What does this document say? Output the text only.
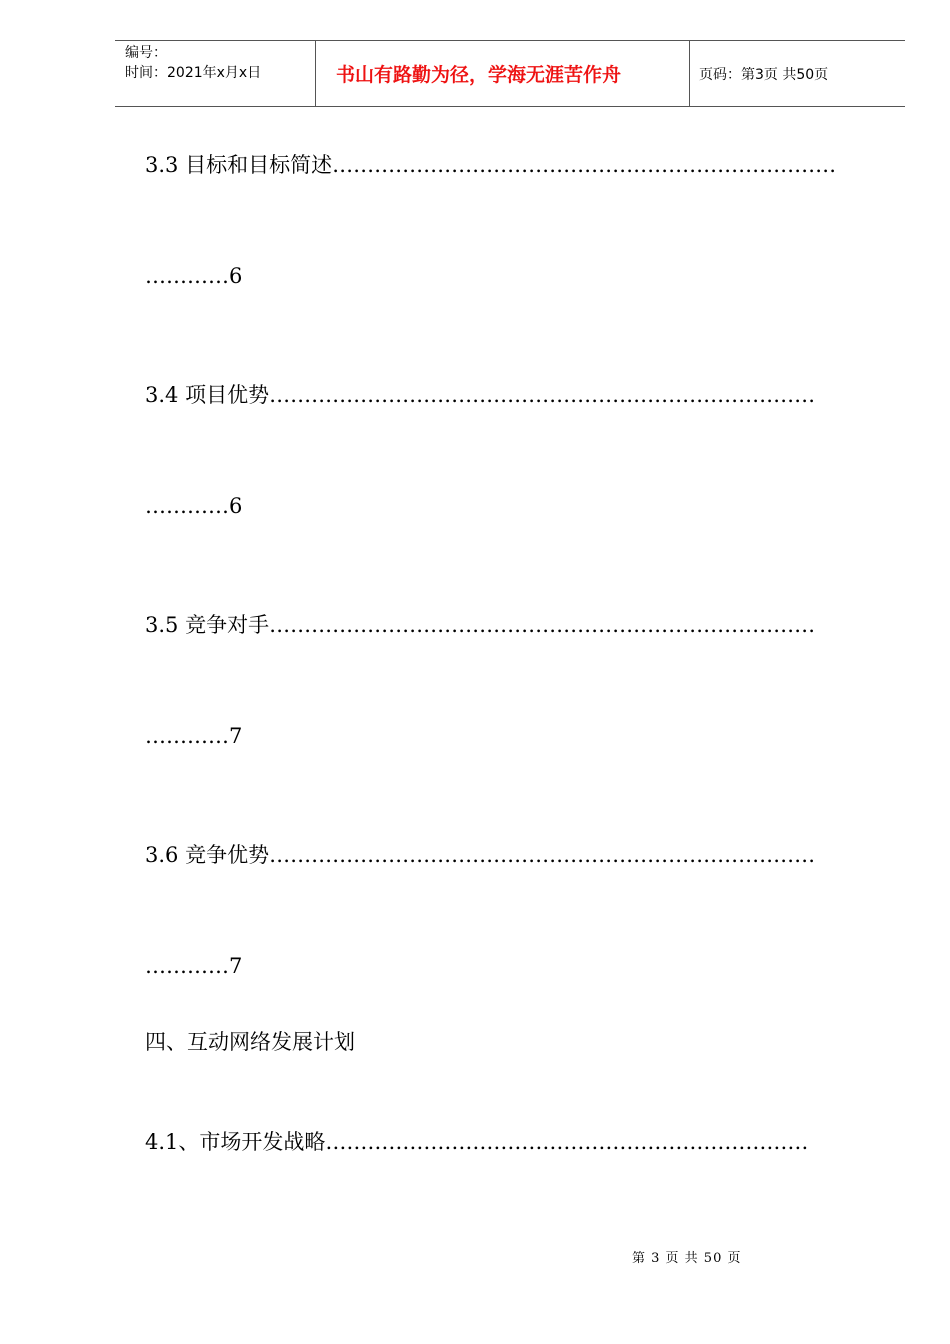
编号：
时间：2021年x月x日	书山有路勤为径，学海无涯苦作舟	页码：第3页 共50页
3.3 目标和目标简述………………………………………………………………
…………6
3.4 项目优势……………………………………………………………………
…………6
3.5 竞争对手……………………………………………………………………
…………7
3.6 竞争优势……………………………………………………………………
…………7
四、互动网络发展计划
4.1、市场开发战略……………………………………………………………
第 3 页 共 50 页
